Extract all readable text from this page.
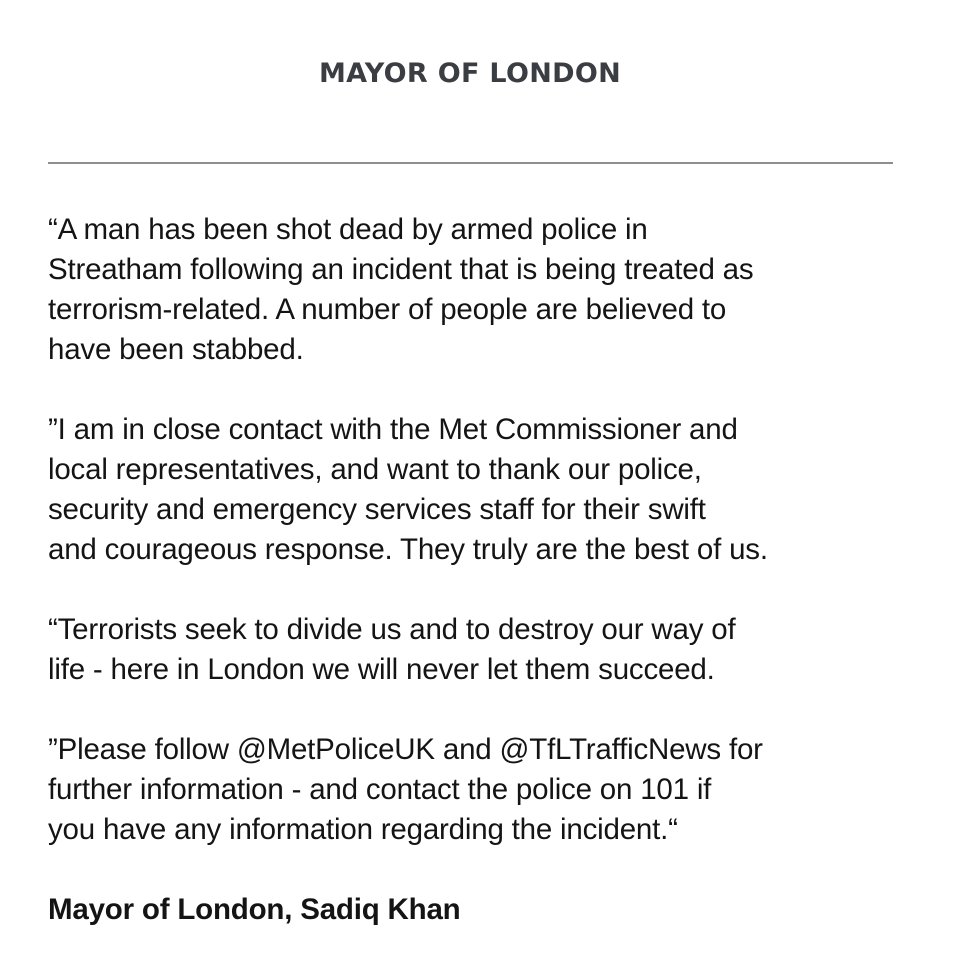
MAYOR OF LONDON

“A man has been shot dead by armed police in
Streatham following an incident that is being treated as
terrorism-related. A number of people are believed to
have been stabbed.

”I am in close contact with the Met Commissioner and
local representatives, and want to thank our police,
security and emergency services staff for their swift
and courageous response. They truly are the best of us.

“Terrorists seek to divide us and to destroy our way of
life - here in London we will never let them succeed.

”Please follow @MetPoliceUK and @TfLTrafficNews for
further information - and contact the police on 101 if
you have any information regarding the incident.“

Mayor of London, Sadiq Khan
